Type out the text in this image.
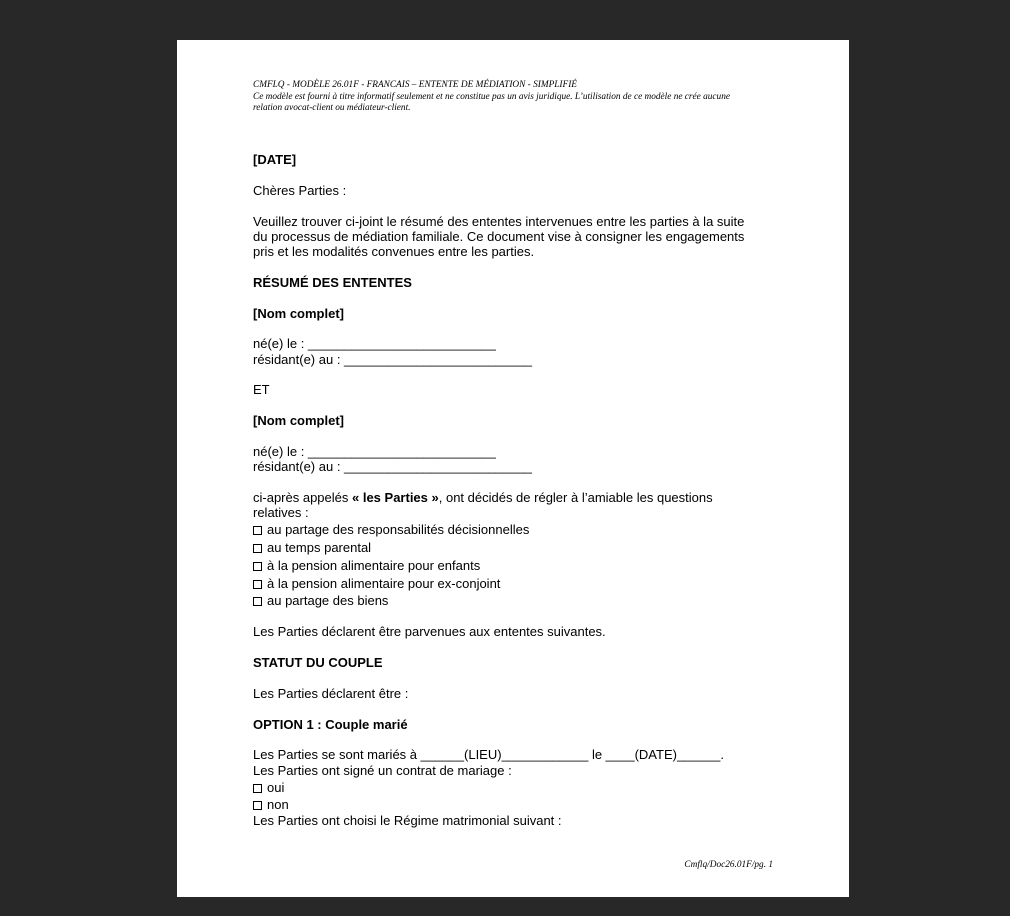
CMFLQ - MODÈLE 26.01F - FRANCAIS – ENTENTE DE MÉDIATION - SIMPLIFIÉ
Ce modèle est fourni à titre informatif seulement et ne constitue pas un avis juridique. L’utilisation de ce modèle ne crée aucune
relation avocat-client ou médiateur-client.
[DATE]
Chères Parties :
Veuillez trouver ci-joint le résumé des ententes intervenues entre les parties à la suite
du processus de médiation familiale. Ce document vise à consigner les engagements
pris et les modalités convenues entre les parties.
RÉSUMÉ DES ENTENTES
[Nom complet]
né(e) le : __________________________
résidant(e) au : __________________________
ET
[Nom complet]
né(e) le : __________________________
résidant(e) au : __________________________
ci-après appelés « les Parties », ont décidés de régler à l’amiable les questions
relatives :
au partage des responsabilités décisionnelles
au temps parental
à la pension alimentaire pour enfants
à la pension alimentaire pour ex-conjoint
au partage des biens
Les Parties déclarent être parvenues aux ententes suivantes.
STATUT DU COUPLE
Les Parties déclarent être :
OPTION 1 : Couple marié
Les Parties se sont mariés à ______(LIEU)____________ le ____(DATE)______.
Les Parties ont signé un contrat de mariage :
oui
non
Les Parties ont choisi le Régime matrimonial suivant :
Cmflq/Doc26.01F/pg. 1
